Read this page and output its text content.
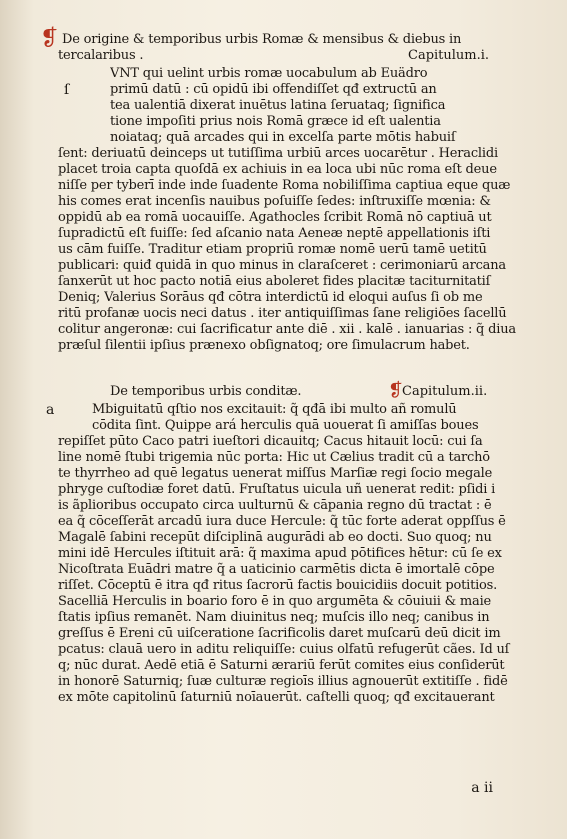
❡ De origine & temporibus urbis Romæ & mensibus & diebus in
tercalaribus .	Capitulum.i.
ſ
VNT qui uelint urbis romæ uocabulum ab Euädro
primū datū : cū opidū ibi offendiſſet qđ extructū an
tea ualentiā dixerat inuētus latina ſeruataq; ſignifica
tione impoſiti prius nois Romā græce id eſt ualentia
noiataq; quā arcades qui in excelſa parte mōtis habuiſ
ſent: deriuatū deinceps ut tutiſſima urbiū arces uocarētur . Heraclidi
placet troia capta quoſdā ex achiuis in ea loca ubi nūc roma eſt deue
niſſe per tyberī inde inde ſuadente Roma nobiliſſima captiua eque quæ
his comes erat incenſis nauibus poſuiſſe ſedes: inſtruxiſſe mœnia: &
oppidū ab ea romā uocauiſſe. Agathocles ſcribit Romā nō captiuā ut
ſupradictū eſt fuiſſe: ſed aſcanio nata Aeneæ neptē appellationis iſti
us cām fuiſſe. Traditur etiam propriū romæ nomē uerū tamē uetitū
publicari: quiđ quidā in quo minus in claraſceret : cerimoniarū arcana
ſanxerūt ut hoc pacto notiā eius aboleret fides placitæ taciturnitatiſ
Deniq; Valerius Sorāus qđ cōtra interdictū id eloqui auſus ſi ob me
ritū profanæ uocis neci datus . iter antiquiſſimas ſane religiōes ſacellū
colitur angeronæ: cui ſacrificatur ante diē . xii . kalē . ianuarias : q̃ diua
præſul ſilentii ipſius prænexo obſignatoq; ore ſimulacrum habet.
De temporibus urbis conditæ.	❡
Capitulum.ii.
a	Mbiguitatū qſtio nos excitauit: q̃ qđā ibi multo añ romulū
cōdita ſint. Quippe ará herculis quā uouerat ſi amiſſas boues
repiſſet pūto Caco patri iueſtori dicauitq; Cacus hitauit locū: cui ſa
line nomē ſtubi trigemia nūc porta: Hic ut Cælius tradit cū a tarchō
te thyrrheo ad quē legatus uenerat miſſus Marſiæ regi ſocio megale
phryge cuſtodiæ foret datū. Fruſtatus uicula uñ uenerat redit: pſidi i
is ãplioribus occupato circa uulturnū & cāpania regno dū tractat : ē
ea q̃ cōceſſerāt arcadū iura duce Hercule: q̃ tūc forte aderat oppſſus ē
Magalē ſabini recepūt diſciplinā augurādi ab eo docti. Suo quoq; nu
mini idē Hercules iſtituit arā: q̃ maxima apud pōtifices hētur: cū ſe ex
Nicoſtrata Euādri matre q̃ a uaticinio carmētis dicta ē imortalē cōpe
riſſet. Cōceptū ē itra qđ ritus ſacrorū factis bouicidiis docuit potitios.
Sacelliā Herculis in boario foro ē in quo argumēta & cōuiuii & maie
ſtatis ipſius remanēt. Nam diuinitus neq; muſcis illo neq; canibus in
greſſus ē Ereni cū uiſceratione ſacrificolis daret muſcarū deū dicit im
pcatus: clauā uero in aditu reliquiſſe: cuius olfatū refugerūt cães. Id uſ
q; nūc durat. Aedē etiā ē Saturni ærariū ferūt comites eius conſiderūt
in honorē Saturniq; ſuæ culturæ regioīs illius agnouerūt extitiſſe . fidē
ex mōte capitolinū ſaturniū noīauerūt. caſtelli quoq; qđ excitauerant
a ii
